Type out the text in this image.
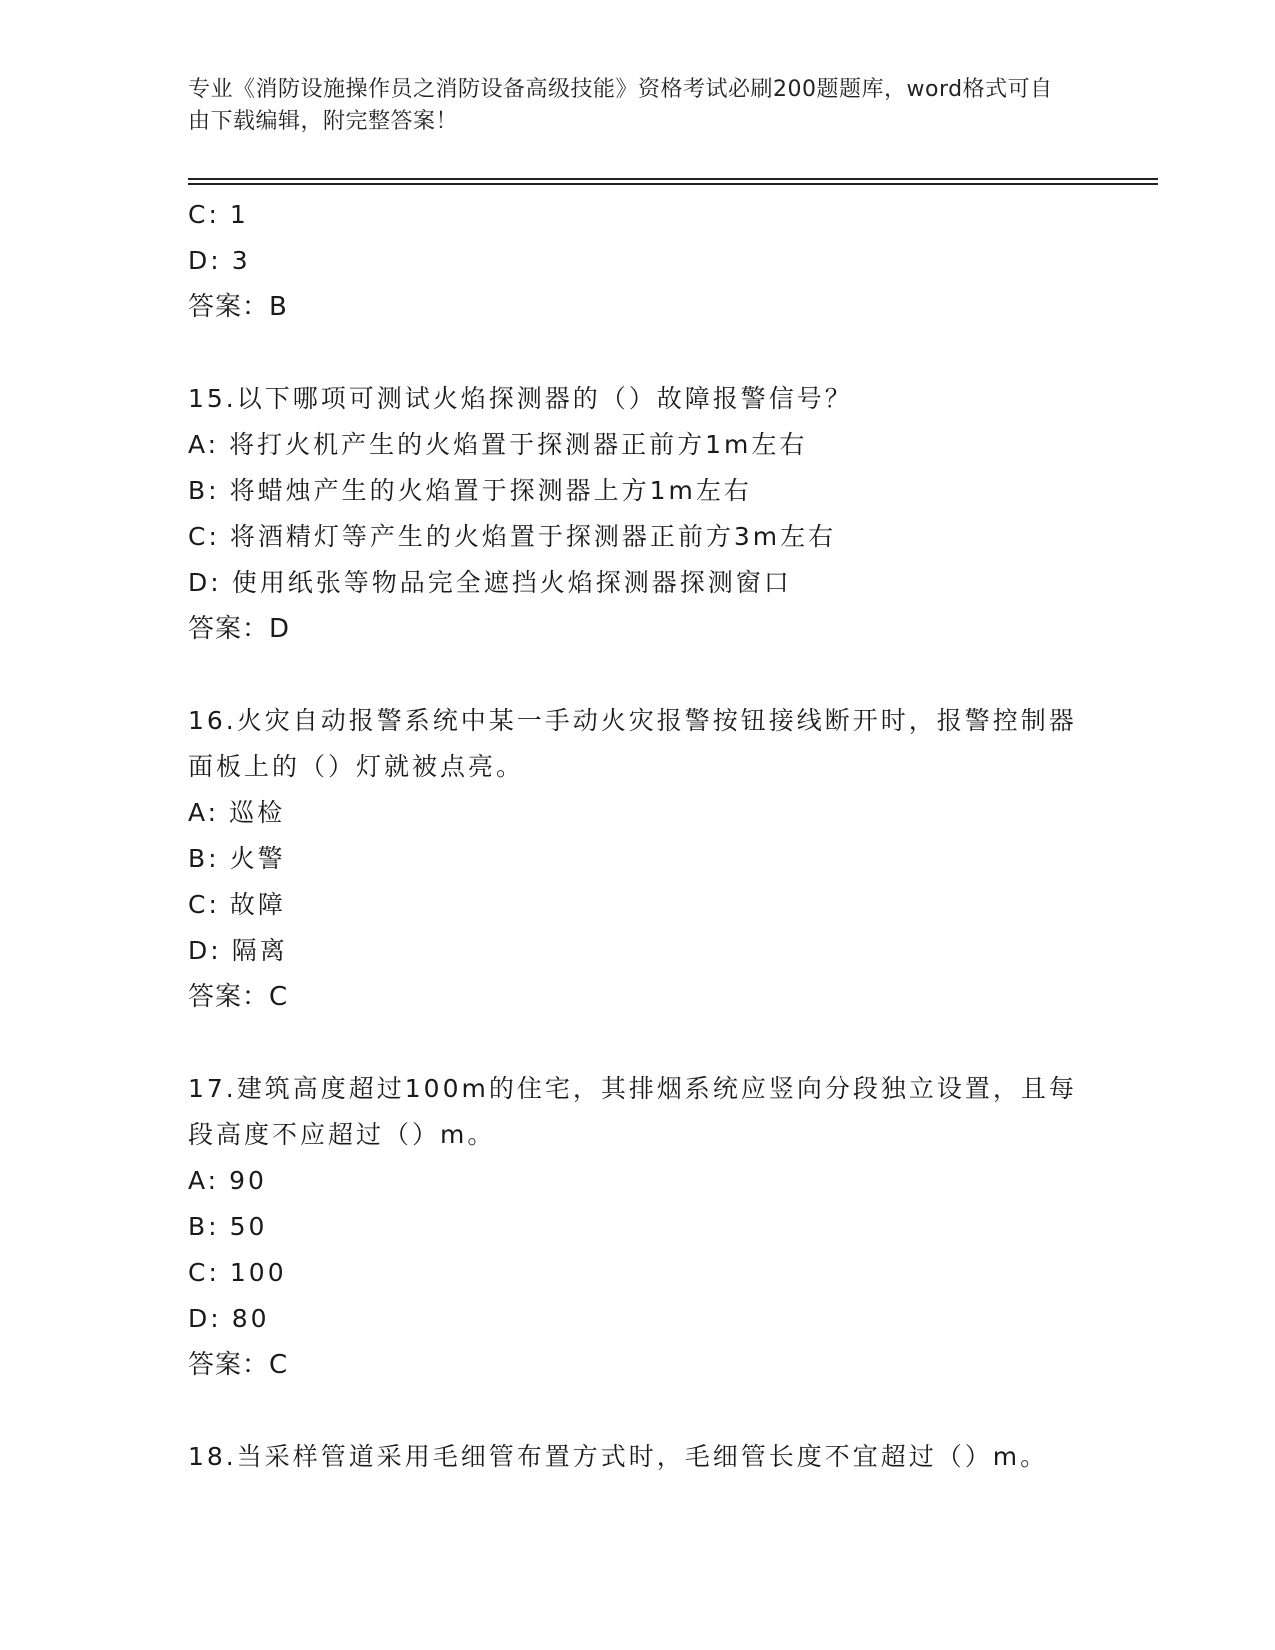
专业《消防设施操作员之消防设备高级技能》资格考试必刷200题题库，word格式可自由下载编辑，附完整答案！
C: 1
D: 3
答案：B
15.以下哪项可测试火焰探测器的（）故障报警信号？
A: 将打火机产生的火焰置于探测器正前方1m左右
B: 将蜡烛产生的火焰置于探测器上方1m左右
C: 将酒精灯等产生的火焰置于探测器正前方3m左右
D: 使用纸张等物品完全遮挡火焰探测器探测窗口
答案：D
16.火灾自动报警系统中某一手动火灾报警按钮接线断开时，报警控制器面板上的（）灯就被点亮。
A: 巡检
B: 火警
C: 故障
D: 隔离
答案：C
17.建筑高度超过100m的住宅，其排烟系统应竖向分段独立设置，且每段高度不应超过（）m。
A: 90
B: 50
C: 100
D: 80
答案：C
18.当采样管道采用毛细管布置方式时，毛细管长度不宜超过（）m。
